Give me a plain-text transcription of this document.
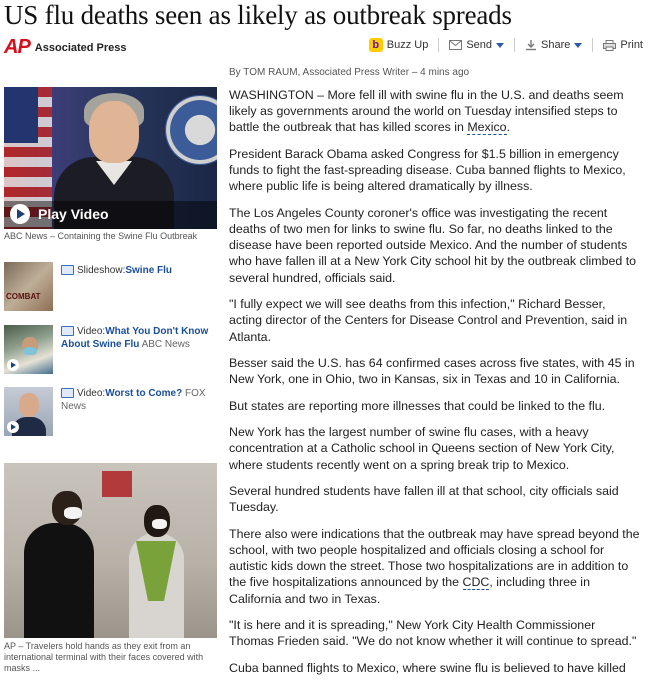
US flu deaths seen as likely as outbreak spreads
AP Associated Press	b Buzz Up	Send	Share	Print
By TOM RAUM, Associated Press Writer – 4 mins ago
Play Video
ABC News – Containing the Swine Flu Outbreak
COMBAT
Slideshow:Swine Flu
Video:What You Don't Know About Swine Flu ABC News
Video:Worst to Come? FOX News
AP – Travelers hold hands as they exit from an international terminal with their faces covered with masks ...

WASHINGTON – More fell ill with swine flu in the U.S. and deaths seem likely as governments around the world on Tuesday intensified steps to battle the outbreak that has killed scores in Mexico.

President Barack Obama asked Congress for $1.5 billion in emergency funds to fight the fast-spreading disease. Cuba banned flights to Mexico, where public life is being altered dramatically by illness.

The Los Angeles County coroner's office was investigating the recent deaths of two men for links to swine flu. So far, no deaths linked to the disease have been reported outside Mexico. And the number of students who have fallen ill at a New York City school hit by the outbreak climbed to several hundred, officials said.

"I fully expect we will see deaths from this infection," Richard Besser, acting director of the Centers for Disease Control and Prevention, said in Atlanta.

Besser said the U.S. has 64 confirmed cases across five states, with 45 in New York, one in Ohio, two in Kansas, six in Texas and 10 in California.

But states are reporting more illnesses that could be linked to the flu.

New York has the largest number of swine flu cases, with a heavy concentration at a Catholic school in Queens section of New York City, where students recently went on a spring break trip to Mexico.

Several hundred students have fallen ill at that school, city officials said Tuesday.

There also were indications that the outbreak may have spread beyond the school, with two people hospitalized and officials closing a school for autistic kids down the street. Those two hospitalizations are in addition to the five hospitalizations announced by the CDC, including three in California and two in Texas.

"It is here and it is spreading," New York City Health Commissioner Thomas Frieden said. "We do not know whether it will continue to spread."

Cuba banned flights to Mexico, where swine flu is believed to have killed
